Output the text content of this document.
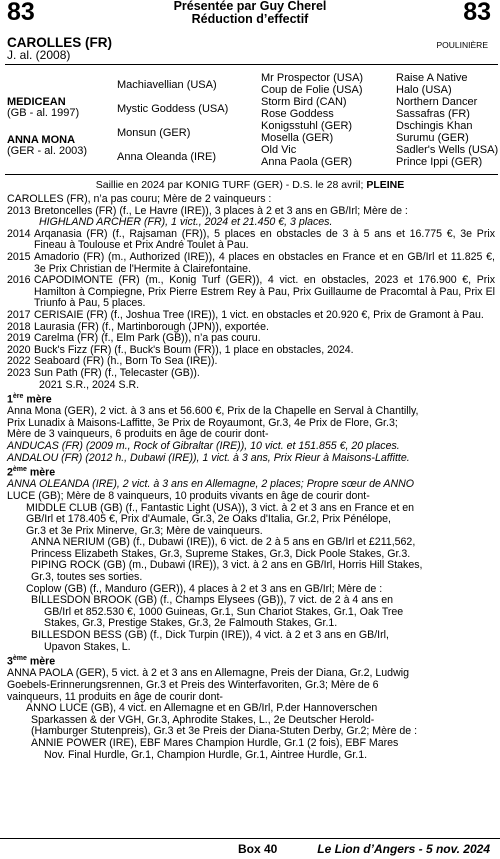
83	83
Présentée par Guy Cherel
Réduction d’effectif
CAROLLES (FR)
J. al. (2008)
POULINIÈRE
MEDICEAN
(GB - al. 1997)
ANNA MONA
(GER - al. 2003)
Machiavellian (USA)
Mystic Goddess (USA)
Monsun (GER)
Anna Oleanda (IRE)
Mr Prospector (USA)
Coup de Folie (USA)
Storm Bird (CAN)
Rose Goddess
Konigsstuhl (GER)
Mosella (GER)
Old Vic
Anna Paola (GER)
Raise A Native
Halo (USA)
Northern Dancer
Sassafras (FR)
Dschingis Khan
Surumu (GER)
Sadler's Wells (USA)
Prince Ippi (GER)
Saillie en 2024 par KONIG TURF (GER) - D.S. le 28 avril; PLEINE

CAROLLES (FR), n’a pas couru; Mère de 2 vainqueurs :

2013 Bretoncelles (FR) (f., Le Havre (IRE)), 3 places à 2 et 3 ans en GB/Irl; Mère de :

HIGHLAND ARCHER (FR), 1 vict., 2024 et 21.450 €, 3 places.

2014 Arqanasia (FR) (f., Rajsaman (FR)), 5 places en obstacles de 3 à 5 ans et 16.775 €, 3e Prix Fineau à Toulouse et Prix André Toulet à Pau.
2015 Amadorio (FR) (m., Authorized (IRE)), 4 places en obstacles en France et en GB/Irl et 11.825 €, 3e Prix Christian de l'Hermite à Clairefontaine.
2016 CAPODIMONTE (FR) (m., Konig Turf (GER)), 4 vict. en obstacles, 2023 et 176.900 €, Prix Hamilton à Compiegne, Prix Pierre Estrem Rey à Pau, Prix Guillaume de Pracomtal à Pau, Prix El Triunfo à Pau, 5 places.
2017 CERISAIE (FR) (f., Joshua Tree (IRE)), 1 vict. en obstacles et 20.920 €, Prix de Gramont à Pau.
2018 Laurasia (FR) (f., Martinborough (JPN)), exportée.
2019 Carelma (FR) (f., Elm Park (GB)), n’a pas couru.
2020 Buck's Fizz (FR) (f., Buck's Boum (FR)), 1 place en obstacles, 2024.
2022 Seaboard (FR) (h., Born To Sea (IRE)).
2023 Sun Path (FR) (f., Telecaster (GB)).

2021 S.R., 2024 S.R.

1ère mère

Anna Mona (GER), 2 vict. à 3 ans et 56.600 €, Prix de la Chapelle en Serval à Chantilly,

Prix Lunadix à Maisons-Laffitte, 3e Prix de Royaumont, Gr.3, 4e Prix de Flore, Gr.3;

Mère de 3 vainqueurs, 6 produits en âge de courir dont-

ANDUCAS (FR) (2009 m., Rock of Gibraltar (IRE)), 10 vict. et 151.855 €, 20 places.

ANDALOU (FR) (2012 h., Dubawi (IRE)), 1 vict. à 3 ans, Prix Rieur à Maisons-Laffitte.

2ème mère

ANNA OLEANDA (IRE), 2 vict. à 3 ans en Allemagne, 2 places; Propre sœur de ANNO

LUCE (GB); Mère de 8 vainqueurs, 10 produits vivants en âge de courir dont-

MIDDLE CLUB (GB) (f., Fantastic Light (USA)), 3 vict. à 2 et 3 ans en France et en

GB/Irl et 178.405 €, Prix d'Aumale, Gr.3, 2e Oaks d'Italia, Gr.2, Prix Pénélope,

Gr.3 et 3e Prix Minerve, Gr.3; Mère de vainqueurs.

ANNA NERIUM (GB) (f., Dubawi (IRE)), 6 vict. de 2 à 5 ans en GB/Irl et £211,562,

Princess Elizabeth Stakes, Gr.3, Supreme Stakes, Gr.3, Dick Poole Stakes, Gr.3.

PIPING ROCK (GB) (m., Dubawi (IRE)), 3 vict. à 2 ans en GB/Irl, Horris Hill Stakes,

Gr.3, toutes ses sorties.

Coplow (GB) (f., Manduro (GER)), 4 places à 2 et 3 ans en GB/Irl; Mère de :

BILLESDON BROOK (GB) (f., Champs Elysees (GB)), 7 vict. de 2 à 4 ans en

GB/Irl et 852.530 €, 1000 Guineas, Gr.1, Sun Chariot Stakes, Gr.1, Oak Tree

Stakes, Gr.3, Prestige Stakes, Gr.3, 2e Falmouth Stakes, Gr.1.

BILLESDON BESS (GB) (f., Dick Turpin (IRE)), 4 vict. à 2 et 3 ans en GB/Irl,

Upavon Stakes, L.

3ème mère

ANNA PAOLA (GER), 5 vict. à 2 et 3 ans en Allemagne, Preis der Diana, Gr.2, Ludwig

Goebels-Erinnerungsrennen, Gr.3 et Preis des Winterfavoriten, Gr.3; Mère de 6

vainqueurs, 11 produits en âge de courir dont-

ANNO LUCE (GB), 4 vict. en Allemagne et en GB/Irl, P.der Hannoverschen

Sparkassen & der VGH, Gr.3, Aphrodite Stakes, L., 2e Deutscher Herold-

(Hamburger Stutenpreis), Gr.3 et 3e Preis der Diana-Stuten Derby, Gr.2; Mère de :

ANNIE POWER (IRE), EBF Mares Champion Hurdle, Gr.1 (2 fois), EBF Mares

Nov. Final Hurdle, Gr.1, Champion Hurdle, Gr.1, Aintree Hurdle, Gr.1.

Box 40	Le Lion d’Angers - 5 nov. 2024
